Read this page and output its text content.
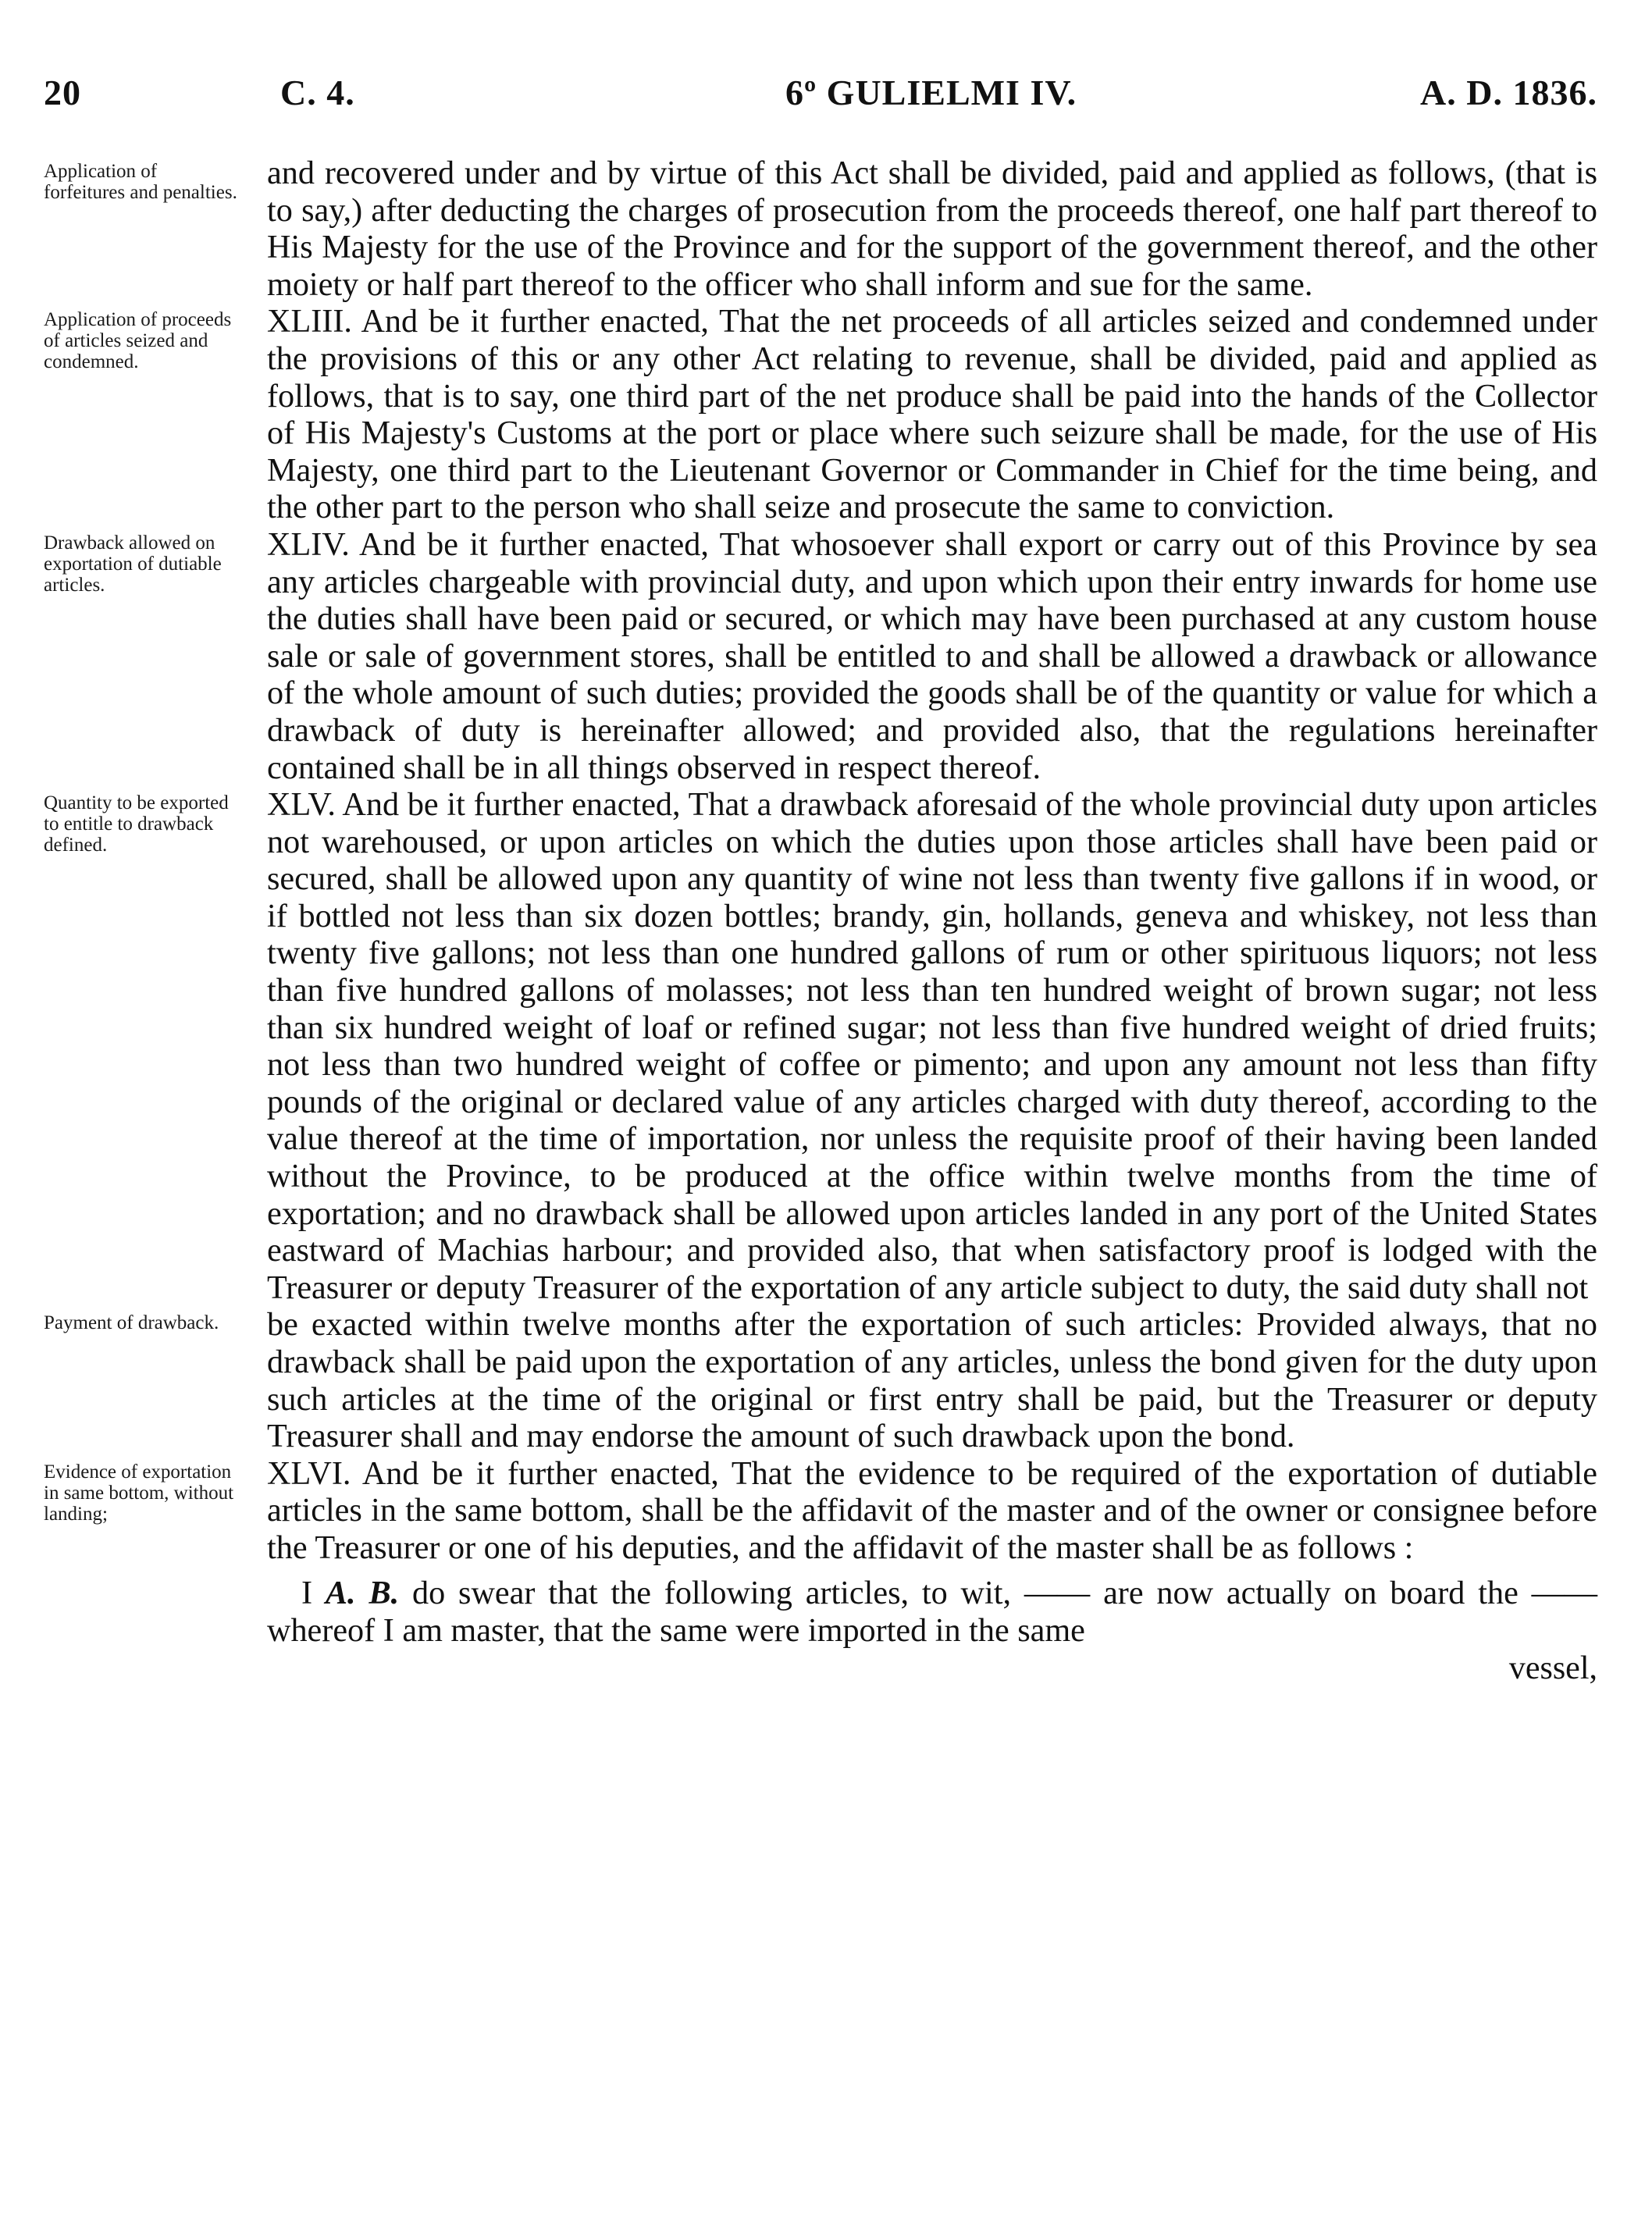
20	C. 4.	6º GULIELMI IV.	A. D. 1836.
Application of forfeitures and penalties.
and recovered under and by virtue of this Act shall be divided, paid and applied as follows, (that is to say,) after deducting the charges of prosecution from the proceeds thereof, one half part thereof to His Majesty for the use of the Province and for the support of the government thereof, and the other moiety or half part thereof to the officer who shall inform and sue for the same.
Application of proceeds of articles seized and condemned.
XLIII. And be it further enacted, That the net proceeds of all articles seized and condemned under the provisions of this or any other Act relating to revenue, shall be divided, paid and applied as follows, that is to say, one third part of the net produce shall be paid into the hands of the Collector of His Majesty's Customs at the port or place where such seizure shall be made, for the use of His Majesty, one third part to the Lieutenant Governor or Commander in Chief for the time being, and the other part to the person who shall seize and prosecute the same to conviction.
Drawback allowed on exportation of dutiable articles.
XLIV. And be it further enacted, That whosoever shall export or carry out of this Province by sea any articles chargeable with provincial duty, and upon which upon their entry inwards for home use the duties shall have been paid or secured, or which may have been purchased at any custom house sale or sale of government stores, shall be entitled to and shall be allowed a drawback or allowance of the whole amount of such duties; provided the goods shall be of the quantity or value for which a drawback of duty is hereinafter allowed; and provided also, that the regulations hereinafter contained shall be in all things observed in respect thereof.
Quantity to be exported to entitle to drawback defined.
XLV. And be it further enacted, That a drawback aforesaid of the whole provincial duty upon articles not warehoused, or upon articles on which the duties upon those articles shall have been paid or secured, shall be allowed upon any quantity of wine not less than twenty five gallons if in wood, or if bottled not less than six dozen bottles; brandy, gin, hollands, geneva and whiskey, not less than twenty five gallons; not less than one hundred gallons of rum or other spirituous liquors; not less than five hundred gallons of molasses; not less than ten hundred weight of brown sugar; not less than six hundred weight of loaf or refined sugar; not less than five hundred weight of dried fruits; not less than two hundred weight of coffee or pimento; and upon any amount not less than fifty pounds of the original or declared value of any articles charged with duty thereof, according to the value thereof at the time of importation, nor unless the requisite proof of their having been landed without the Province, to be produced at the office within twelve months from the time of exportation; and no drawback shall be allowed upon articles landed in any port of the United States eastward of Machias harbour; and provided also, that when satisfactory proof is lodged with the Treasurer or deputy Treasurer of the exportation of any article subject to duty, the said duty shall not
Payment of drawback.	be exacted within twelve months after the exportation of such articles: Provided always, that no drawback shall be paid upon the exportation of any articles, unless the bond given for the duty upon such articles at the time of the original or first entry shall be paid, but the Treasurer or deputy Treasurer shall and may endorse the amount of such drawback upon the bond.
Evidence of exportation in same bottom, without landing;
XLVI. And be it further enacted, That the evidence to be required of the exportation of dutiable articles in the same bottom, shall be the affidavit of the master and of the owner or consignee before the Treasurer or one of his deputies, and the affidavit of the master shall be as follows :
I A. B. do swear that the following articles, to wit, —— are now actually on board the —— whereof I am master, that the same were imported in the same
vessel,
